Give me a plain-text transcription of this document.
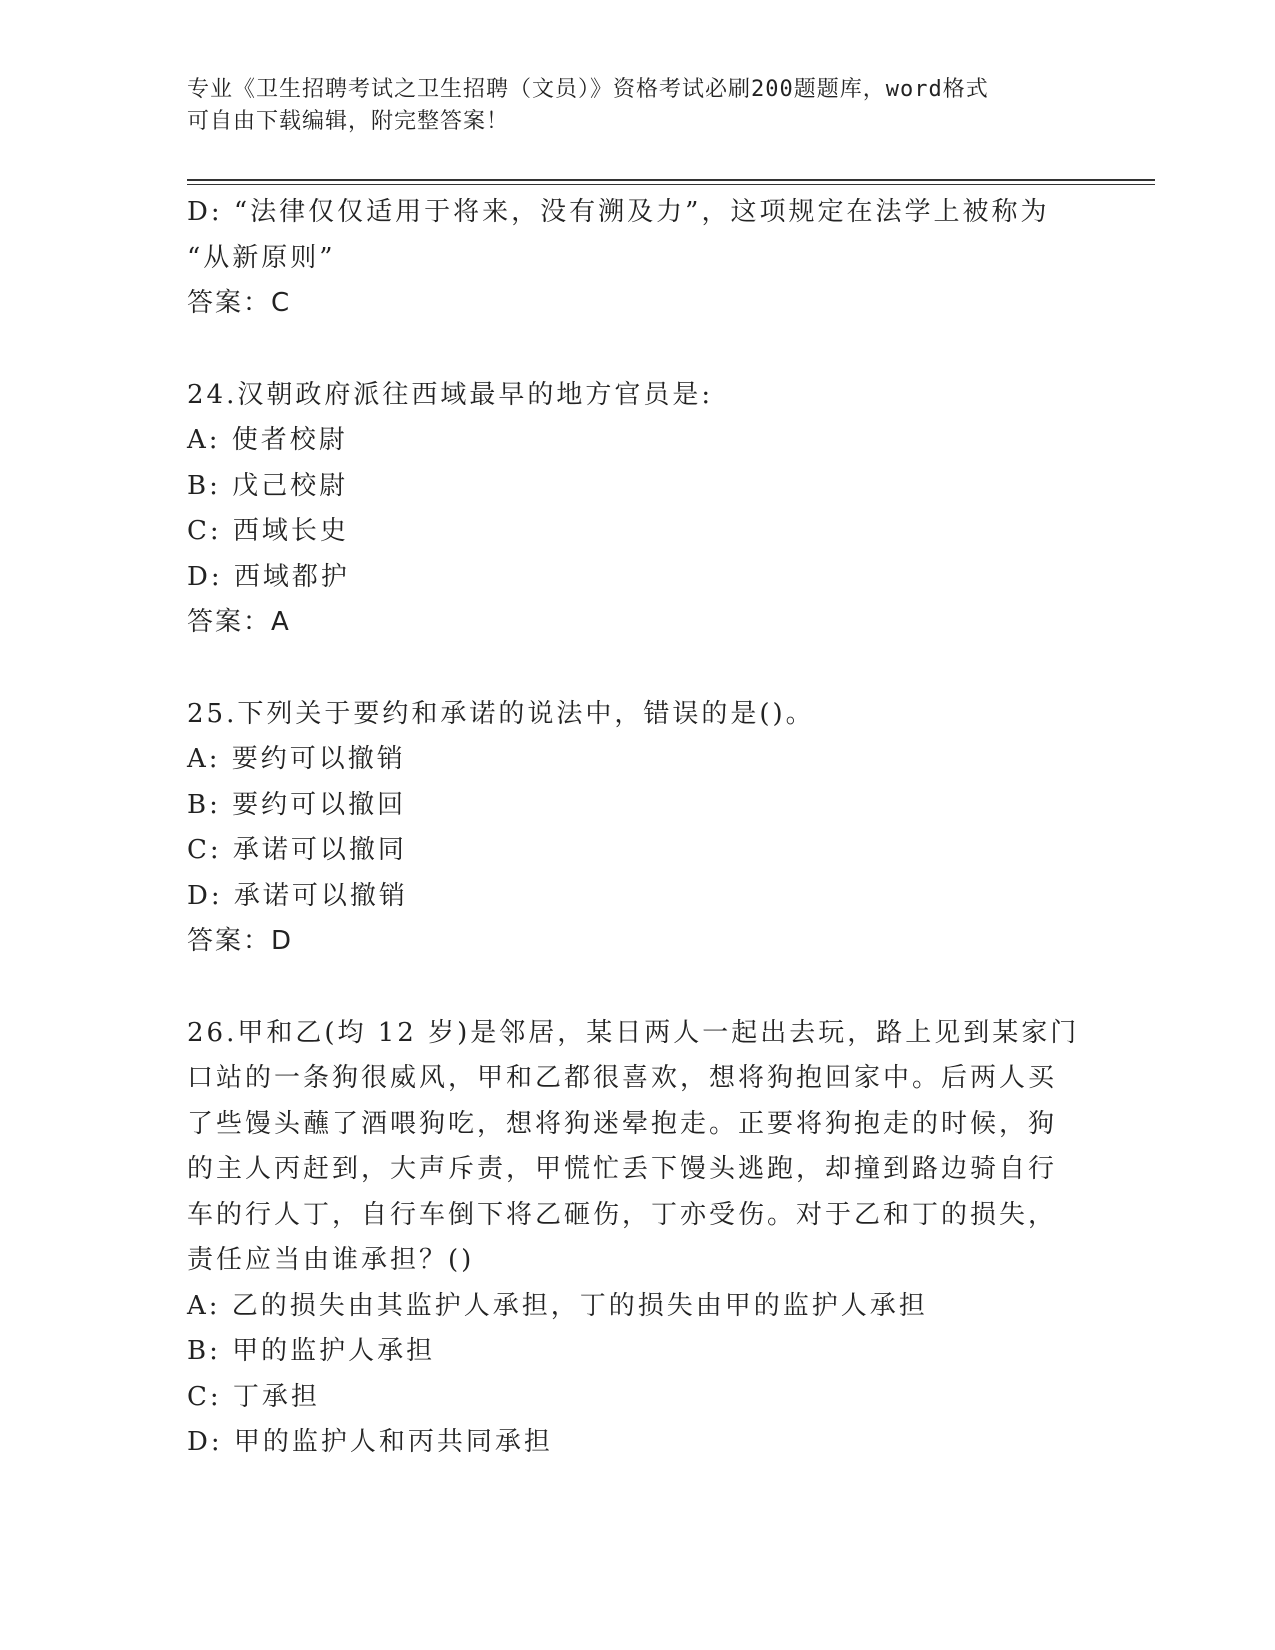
专业《卫生招聘考试之卫生招聘（文员）》资格考试必刷200题题库，word格式
可自由下载编辑，附完整答案！
D: “法律仅仅适用于将来，没有溯及力”，这项规定在法学上被称为
“从新原则”
答案：C
24.汉朝政府派往西域最早的地方官员是:
A: 使者校尉
B: 戊己校尉
C: 西域长史
D: 西域都护
答案：A
25.下列关于要约和承诺的说法中，错误的是()。
A: 要约可以撤销
B: 要约可以撤回
C: 承诺可以撤同
D: 承诺可以撤销
答案：D
26.甲和乙(均 12 岁)是邻居，某日两人一起出去玩，路上见到某家门
口站的一条狗很威风，甲和乙都很喜欢，想将狗抱回家中。后两人买
了些馒头蘸了酒喂狗吃，想将狗迷晕抱走。正要将狗抱走的时候，狗
的主人丙赶到，大声斥责，甲慌忙丢下馒头逃跑，却撞到路边骑自行
车的行人丁，自行车倒下将乙砸伤，丁亦受伤。对于乙和丁的损失，
责任应当由谁承担？()
A: 乙的损失由其监护人承担，丁的损失由甲的监护人承担
B: 甲的监护人承担
C: 丁承担
D: 甲的监护人和丙共同承担
